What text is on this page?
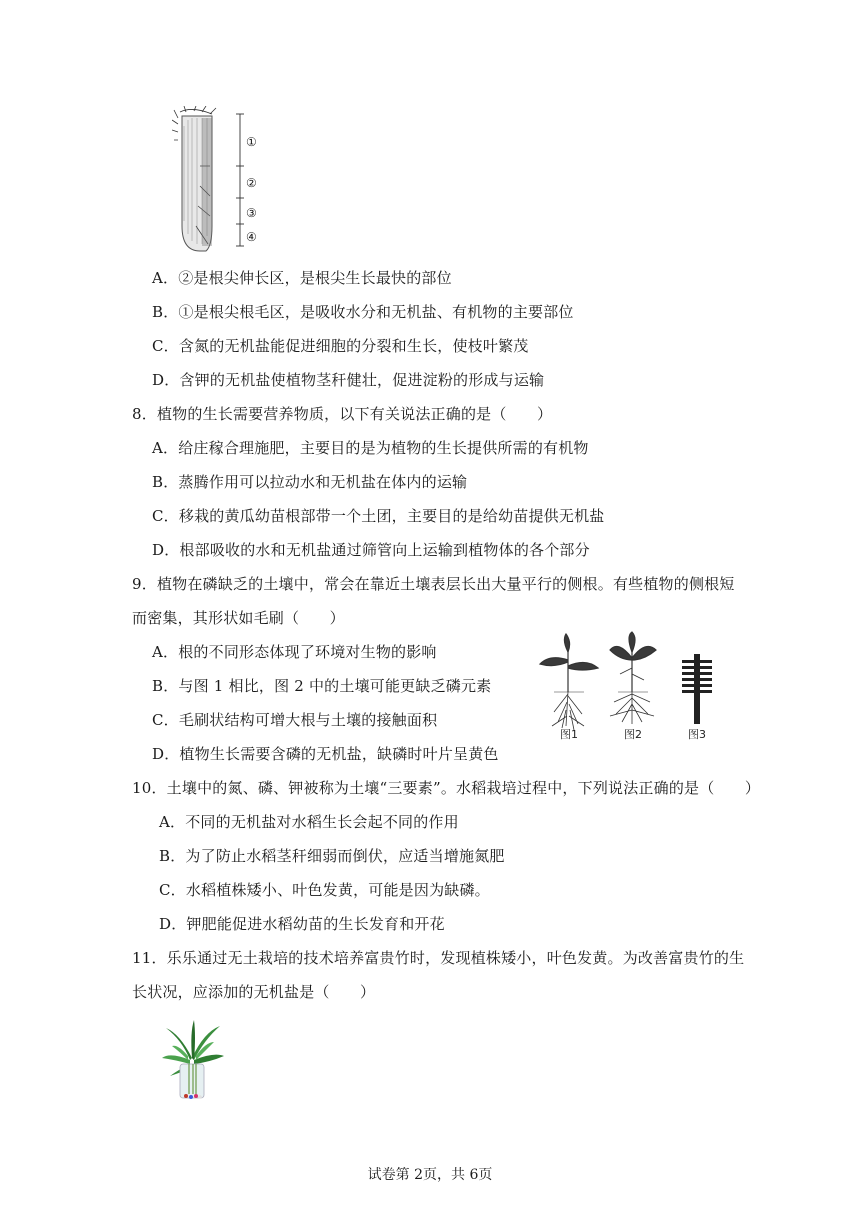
①
②
③
④
A．②是根尖伸长区，是根尖生长最快的部位
B．①是根尖根毛区，是吸收水分和无机盐、有机物的主要部位
C．含氮的无机盐能促进细胞的分裂和生长，使枝叶繁茂
D．含钾的无机盐使植物茎秆健壮，促进淀粉的形成与运输
8．植物的生长需要营养物质，以下有关说法正确的是（　　）
A．给庄稼合理施肥，主要目的是为植物的生长提供所需的有机物
B．蒸腾作用可以拉动水和无机盐在体内的运输
C．移栽的黄瓜幼苗根部带一个土团，主要目的是给幼苗提供无机盐
D．根部吸收的水和无机盐通过筛管向上运输到植物体的各个部分
9．植物在磷缺乏的土壤中，常会在靠近土壤表层长出大量平行的侧根。有些植物的侧根短
而密集，其形状如毛刷（　　）
A．根的不同形态体现了环境对生物的影响
B．与图 1 相比，图 2 中的土壤可能更缺乏磷元素
C．毛刷状结构可增大根与土壤的接触面积
D．植物生长需要含磷的无机盐，缺磷时叶片呈黄色
图1	图2	图3
10．土壤中的氮、磷、钾被称为土壤“三要素”。水稻栽培过程中，下列说法正确的是（　　）
A．不同的无机盐对水稻生长会起不同的作用
B．为了防止水稻茎秆细弱而倒伏，应适当增施氮肥
C．水稻植株矮小、叶色发黄，可能是因为缺磷。
D．钾肥能促进水稻幼苗的生长发育和开花
11．乐乐通过无土栽培的技术培养富贵竹时，发现植株矮小，叶色发黄。为改善富贵竹的生
长状况，应添加的无机盐是（　　）
试卷第 2页，共 6页
